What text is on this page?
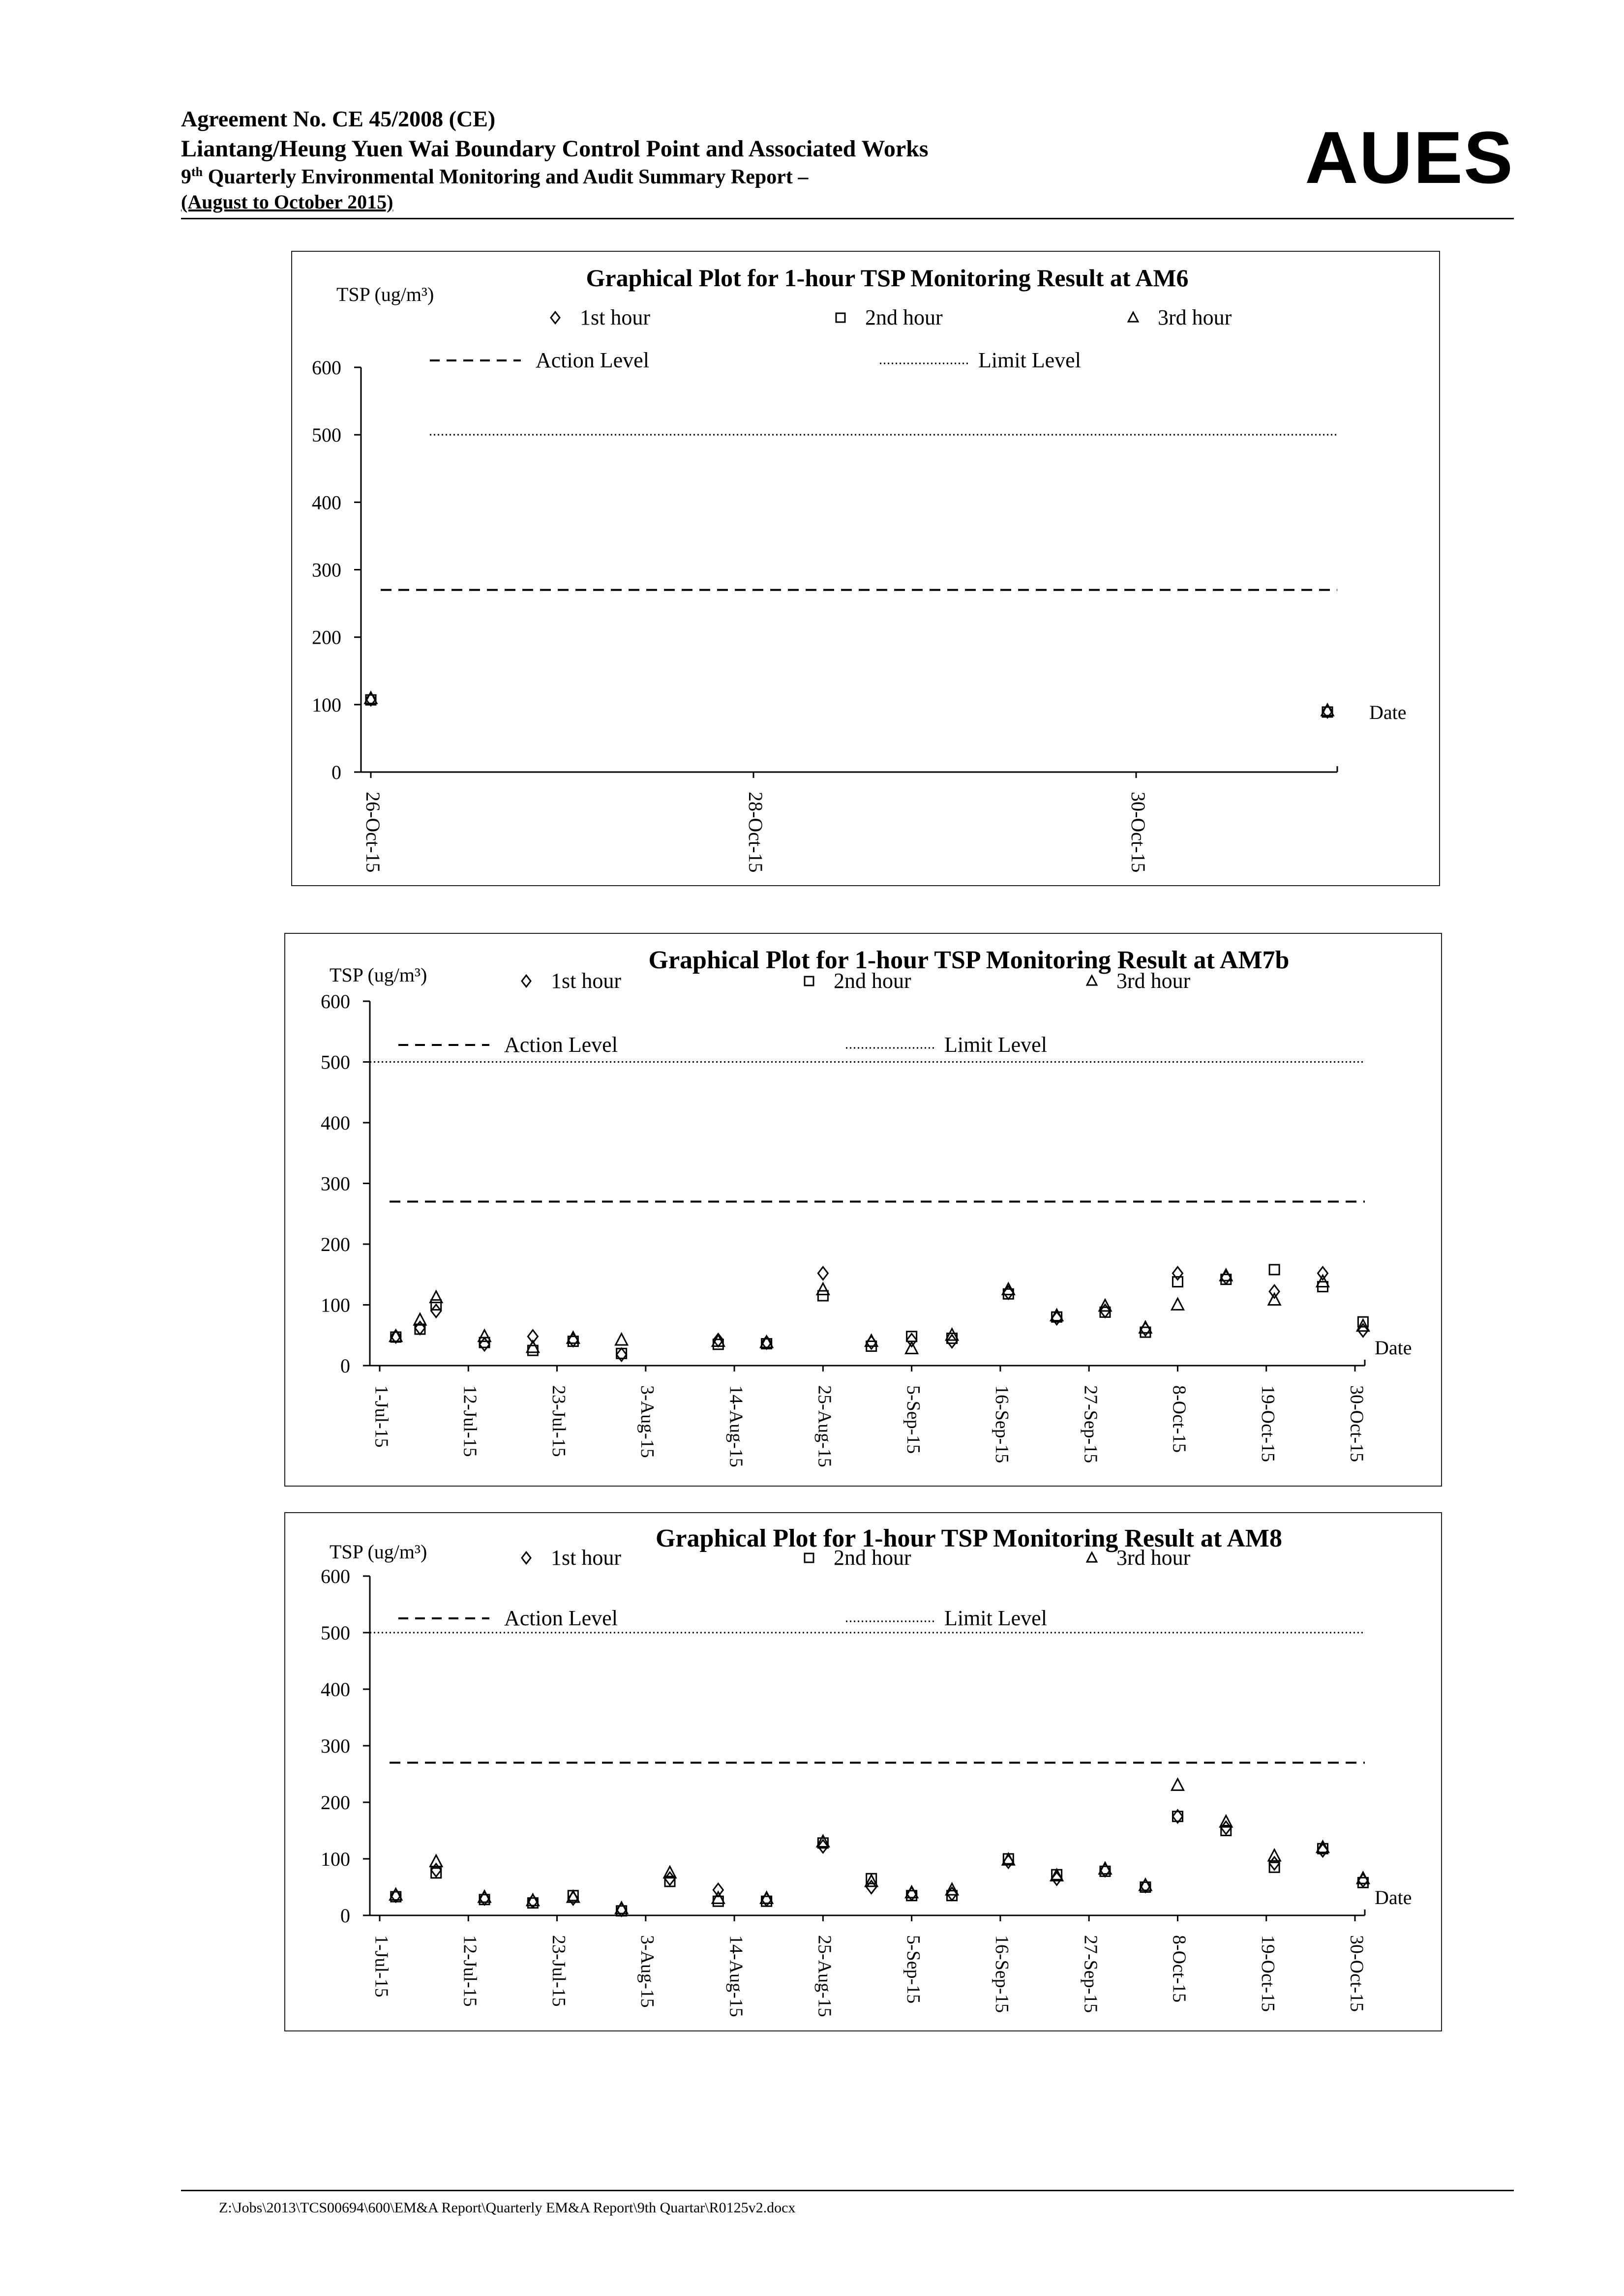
Agreement No. CE 45/2008 (CE)
Liantang/Heung Yuen Wai Boundary Control Point and Associated Works
9th Quarterly Environmental Monitoring and Audit Summary Report –
(August to October 2015)
AUES
Graphical Plot for 1-hour TSP Monitoring Result at AM6
TSP (ug/m³)
1st hour	2nd hour	3rd hour
Action Level	Limit Level
0
100
200
300
400
500
600
26-Oct-15	28-Oct-15	30-Oct-15
Date
Graphical Plot for 1-hour TSP Monitoring Result at AM7b
TSP (ug/m³)	1st hour	2nd hour	3rd hour
Action Level	Limit Level
0
100
200
300
400
500
600
1-Jul-15	12-Jul-15	23-Jul-15	3-Aug-15	14-Aug-15	25-Aug-15	5-Sep-15	16-Sep-15	27-Sep-15	8-Oct-15	19-Oct-15	30-Oct-15
Date
Graphical Plot for 1-hour TSP Monitoring Result at AM8
TSP (ug/m³)	1st hour	2nd hour	3rd hour
Action Level	Limit Level
0
100
200
300
400
500
600
1-Jul-15	12-Jul-15	23-Jul-15	3-Aug-15	14-Aug-15	25-Aug-15	5-Sep-15	16-Sep-15	27-Sep-15	8-Oct-15	19-Oct-15	30-Oct-15
Date
Z:\Jobs\2013\TCS00694\600\EM&A Report\Quarterly EM&A Report\9th Quartar\R0125v2.docx
